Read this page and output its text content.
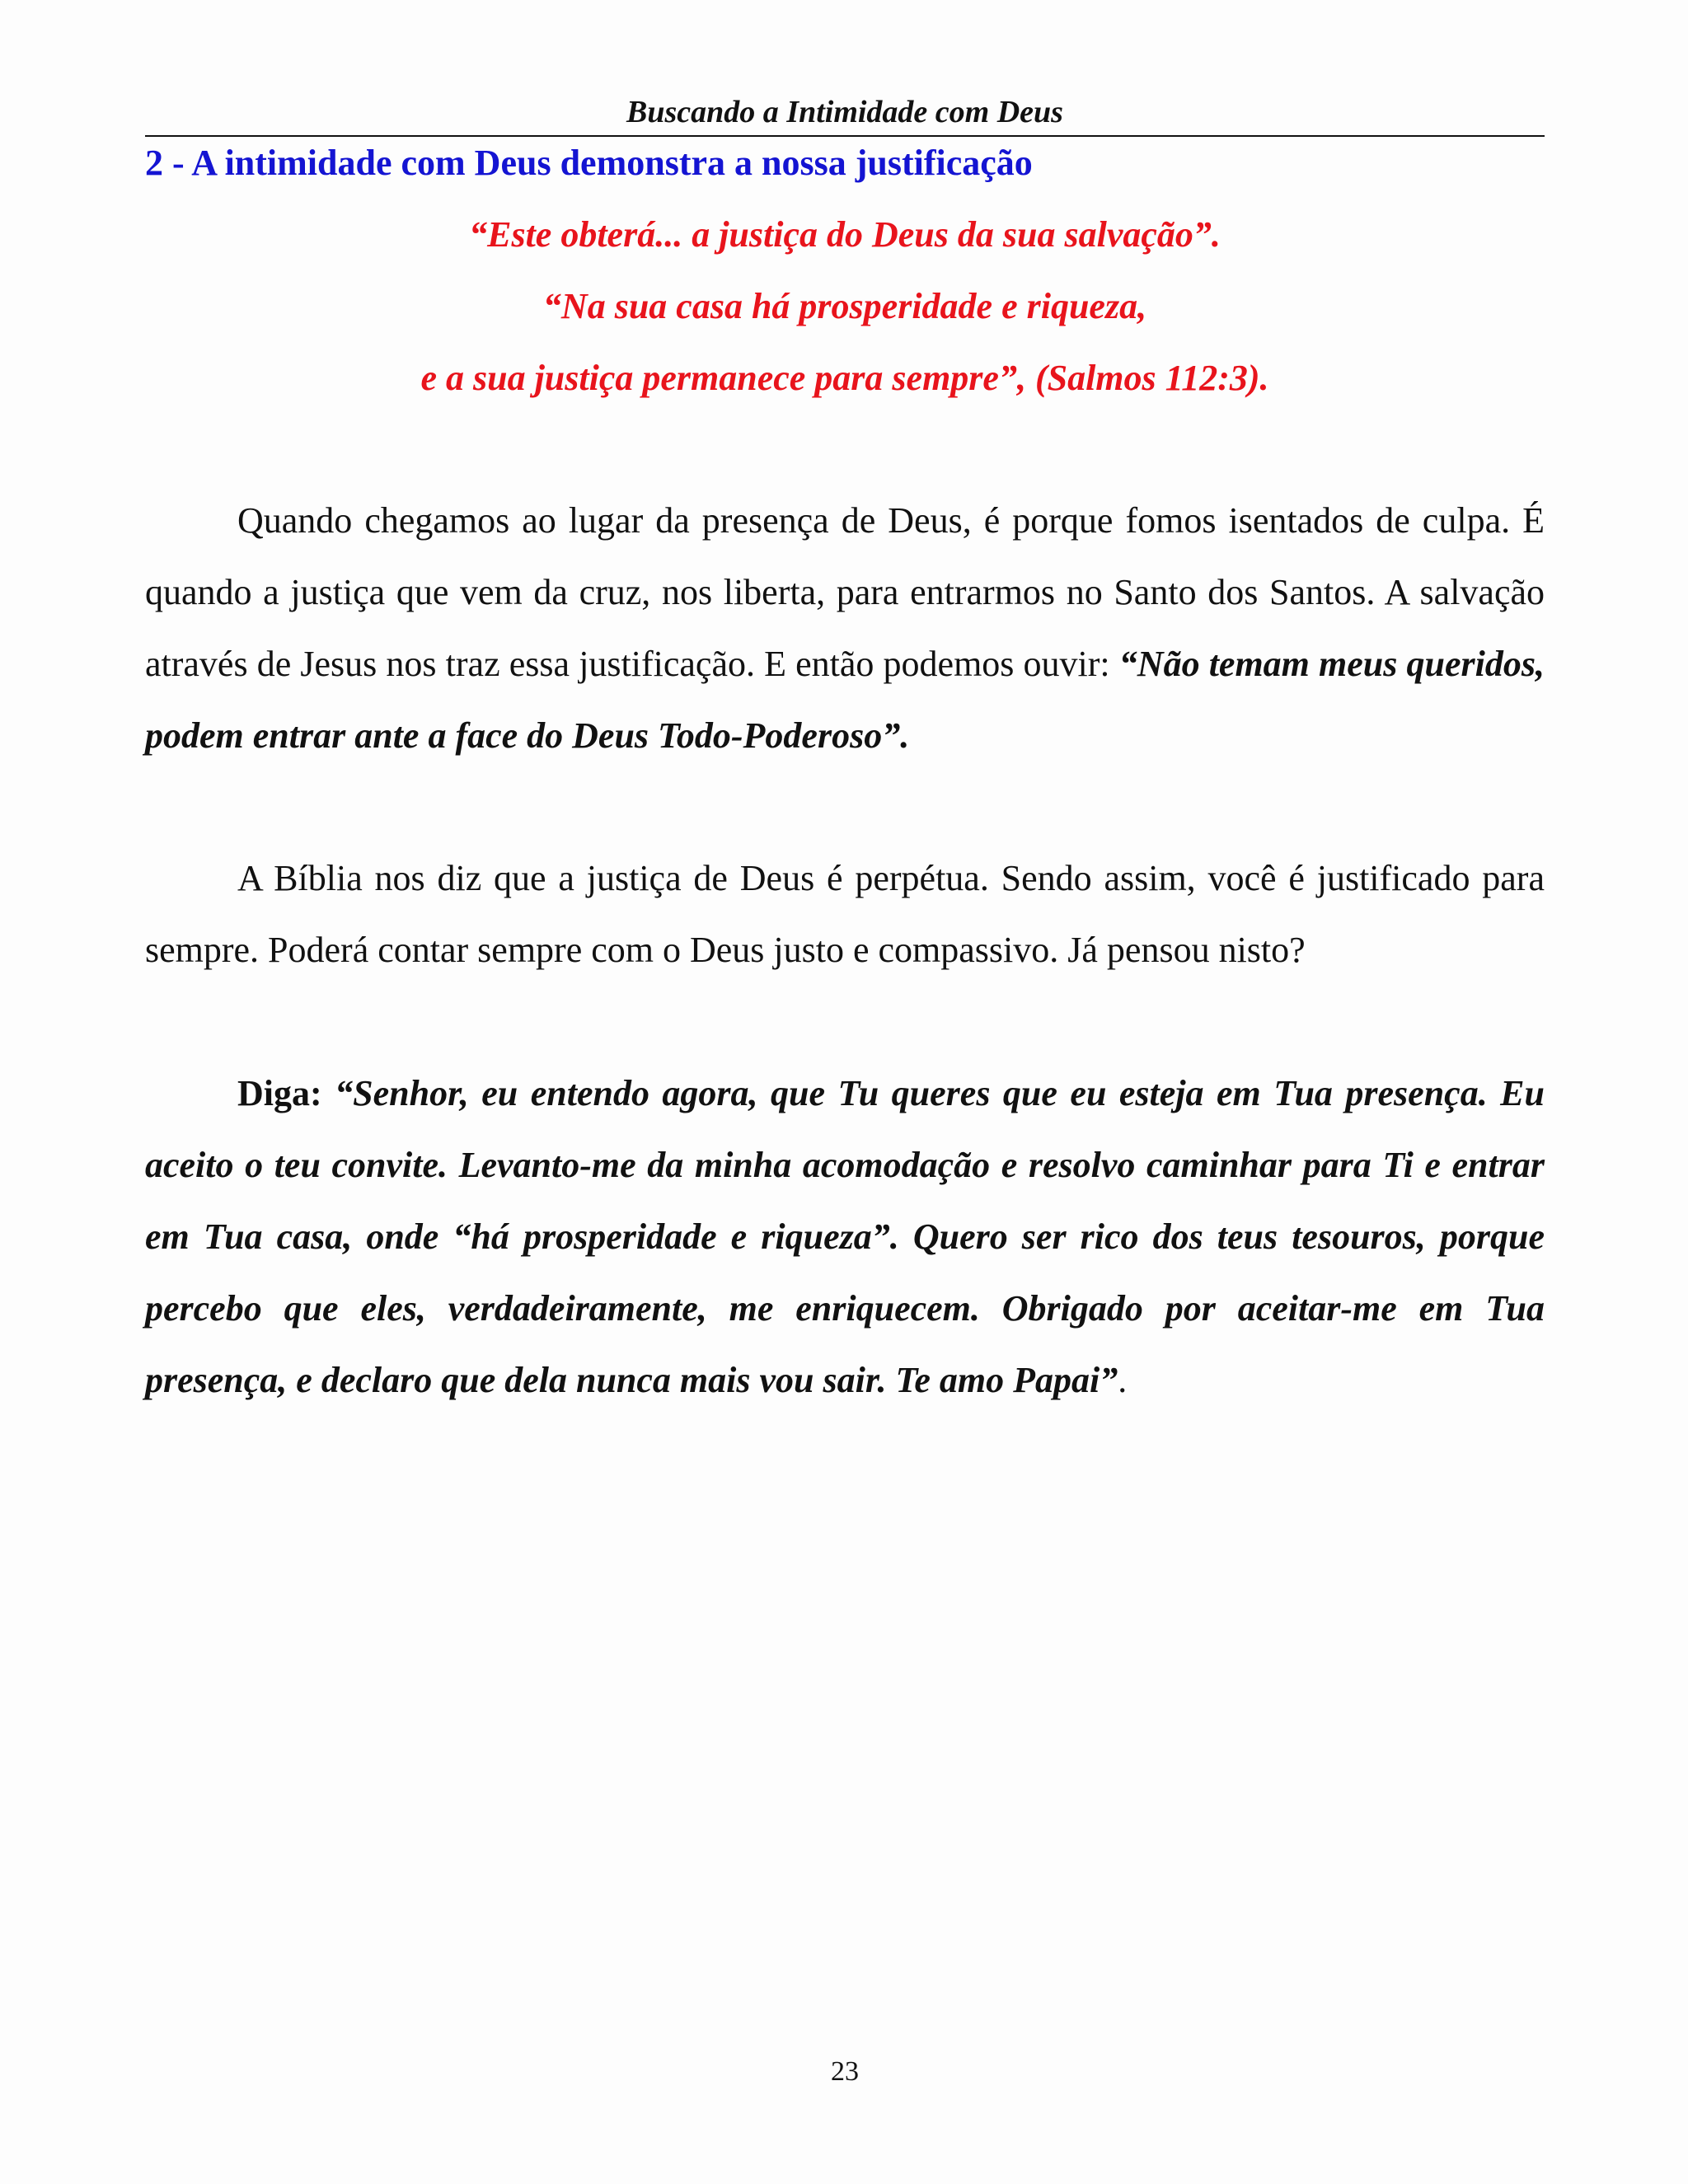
Buscando a Intimidade com Deus
2 - A intimidade com Deus demonstra a nossa justificação
“Este obterá... a justiça do Deus da sua salvação”.
“Na sua casa há prosperidade e riqueza,
e a sua justiça permanece para sempre”, (Salmos 112:3).

Quando chegamos ao lugar da presença de Deus, é porque fomos isentados de culpa. É quando a justiça que vem da cruz, nos liberta, para entrarmos no Santo dos Santos. A salvação através de Jesus nos traz essa justificação. E então podemos ouvir: “Não temam meus queridos, podem entrar ante a face do Deus Todo-Poderoso”.

A Bíblia nos diz que a justiça de Deus é perpétua. Sendo assim, você é justificado para sempre. Poderá contar sempre com o Deus justo e compassivo. Já pensou nisto?

Diga: “Senhor, eu entendo agora, que Tu queres que eu esteja em Tua presença. Eu aceito o teu convite. Levanto-me da minha acomodação e resolvo caminhar para Ti e entrar em Tua casa, onde “há prosperidade e riqueza”. Quero ser rico dos teus tesouros, porque percebo que eles, verdadeiramente, me enriquecem. Obrigado por aceitar-me em Tua presença, e declaro que dela nunca mais vou sair. Te amo Papai”.

23
